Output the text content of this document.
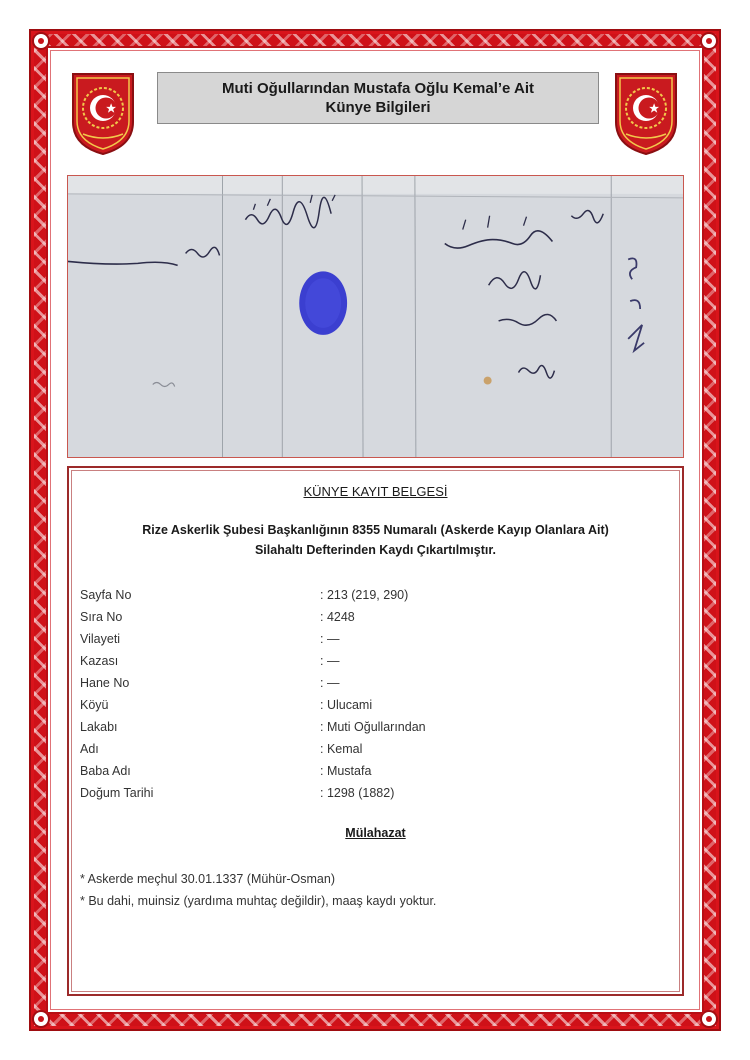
Muti Oğullarından Mustafa Oğlu Kemal’e Ait
Künye Bilgileri
KÜNYE KAYIT BELGESİ
Rize Askerlik Şubesi Başkanlığının 8355 Numaralı (Askerde Kayıp Olanlara Ait)
Silahaltı Defterinden Kaydı Çıkartılmıştır.
Sayfa No	: 213 (219, 290)
Sıra No	: 4248
Vilayeti	: —
Kazası	: —
Hane No	: —
Köyü	: Ulucami
Lakabı	: Muti Oğullarından
Adı	: Kemal
Baba Adı	: Mustafa
Doğum Tarihi	: 1298 (1882)
Mülahazat
* Askerde meçhul 30.01.1337 (Mühür-Osman)
* Bu dahi, muinsiz (yardıma muhtaç değildir), maaş kaydı yoktur.
